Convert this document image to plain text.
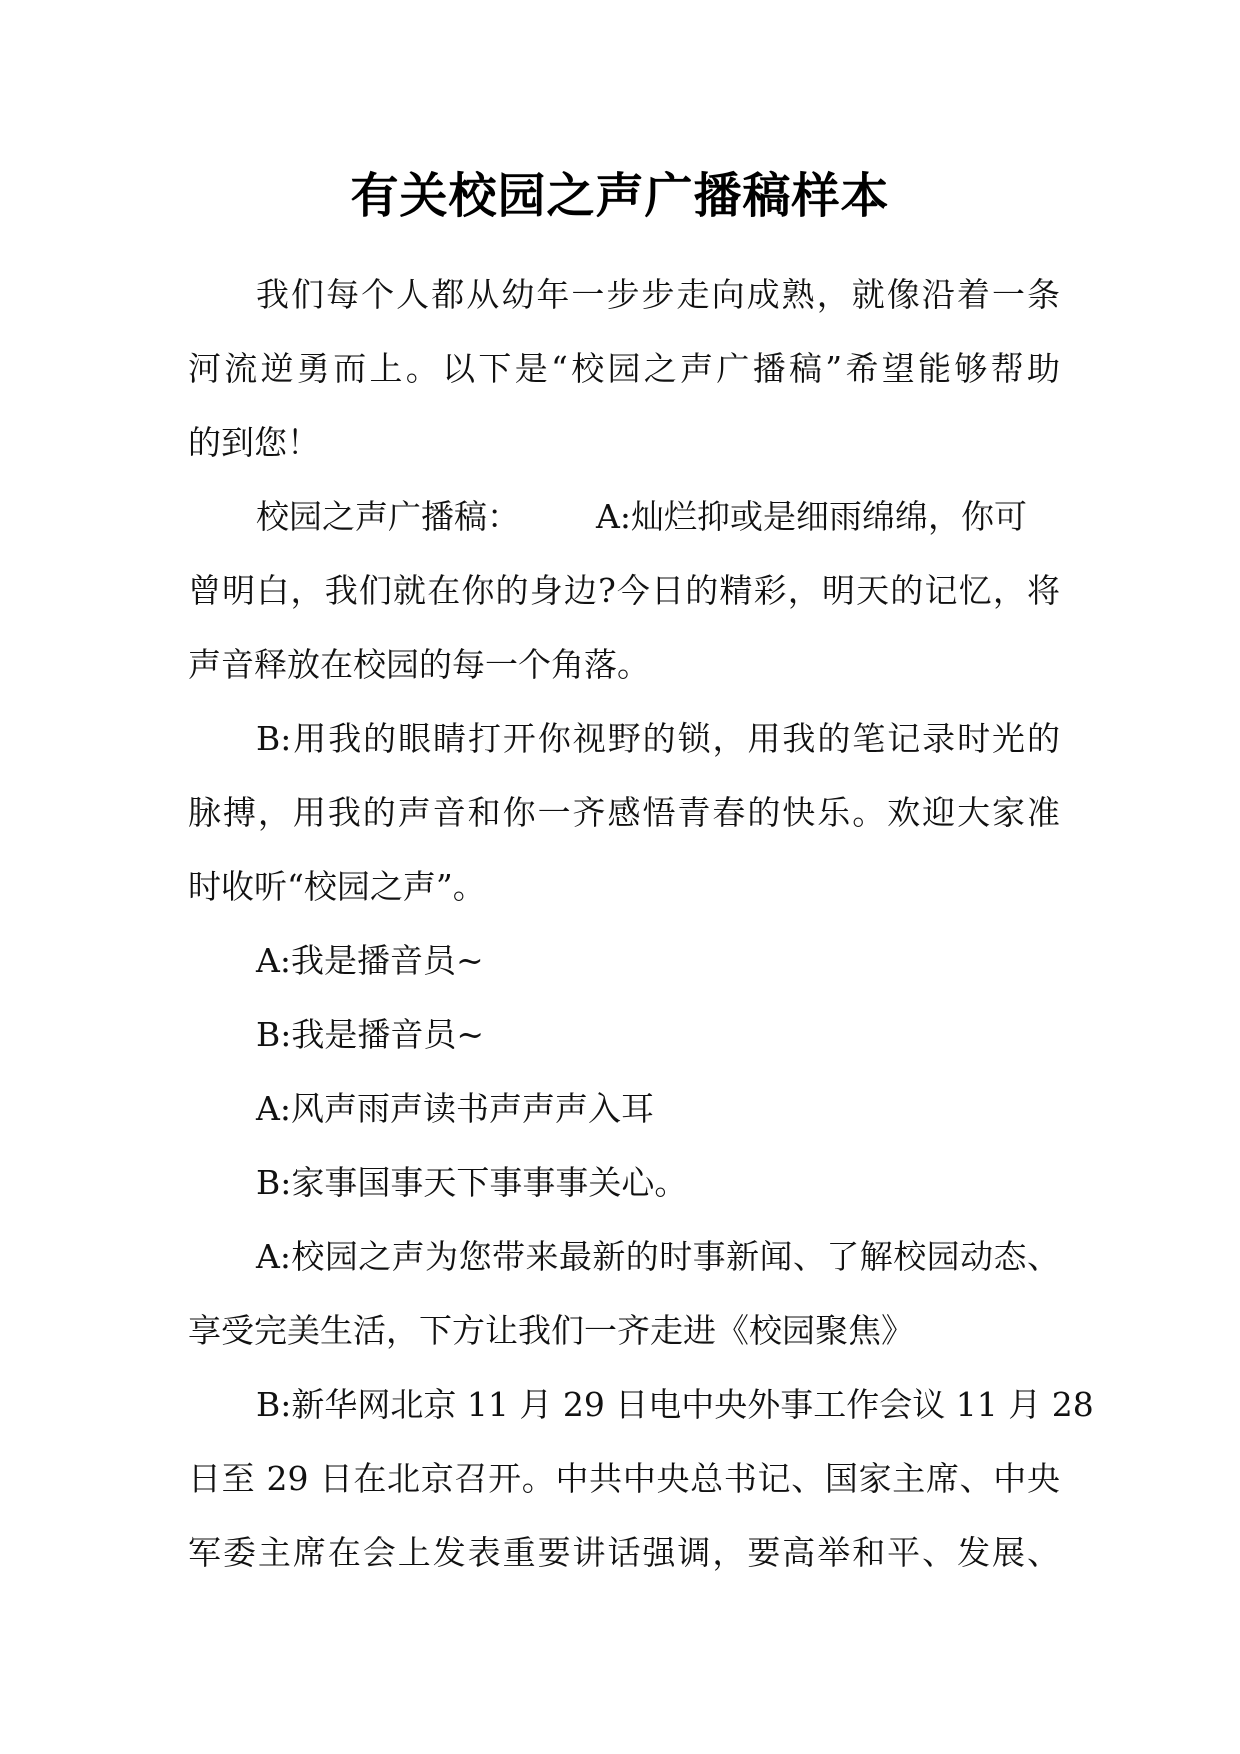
有关校园之声广播稿样本
我们每个人都从幼年一步步走向成熟，就像沿着一条
河流逆勇而上。以下是“校园之声广播稿”希望能够帮助
的到您！
校园之声广播稿： A:灿烂抑或是细雨绵绵，你可
曾明白，我们就在你的身边?今日的精彩，明天的记忆，将
声音释放在校园的每一个角落。
B:用我的眼睛打开你视野的锁，用我的笔记录时光的
脉搏，用我的声音和你一齐感悟青春的快乐。欢迎大家准
时收听“校园之声”。
A:我是播音员~
B:我是播音员~
A:风声雨声读书声声声入耳
B:家事国事天下事事事关心。
A:校园之声为您带来最新的时事新闻、了解校园动态、
享受完美生活，下方让我们一齐走进《校园聚焦》
B:新华网北京 11 月 29 日电中央外事工作会议 11 月 28
日至 29 日在北京召开。中共中央总书记、国家主席、中央
军委主席在会上发表重要讲话强调，要高举和平、发展、
